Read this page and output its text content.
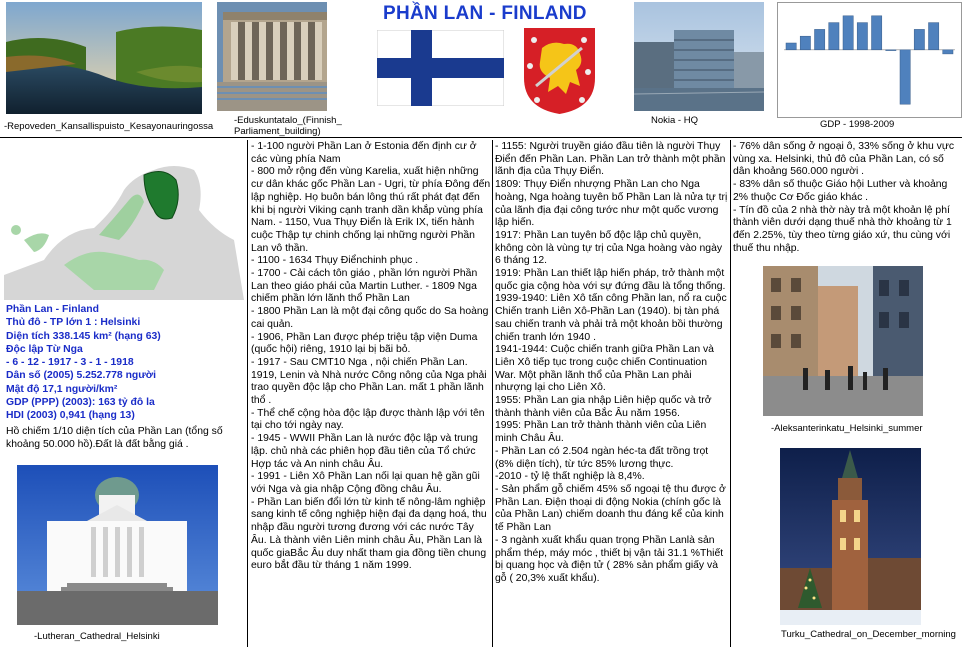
PHẦN LAN - FINLAND
-Repoveden_Kansallispuisto_Kesayonauringossa
-Eduskuntatalo_(Finnish_ Parliament_building)
Nokia - HQ	GDP - 1998-2009
Phần Lan - Finland
Thủ đô - TP lớn 1 : Helsinki
Diện tích 338.145 km² (hạng 63)
Độc lập Từ Nga
- 6 - 12 - 1917 - 3 - 1 - 1918
Dân số (2005) 5.252.778 người
Mật độ 17,1 người/km²
GDP (PPP) (2003): 163 tỷ đô la
HDI (2003) 0,941 (hạng 13)
Hồ chiếm 1/10 diện tích của Phần Lan (tổng số khoảng 50.000 hồ).Đất là đất bằng giá .
-Lutheran_Cathedral_Helsinki

- 1-100 người Phần Lan ở Estonia đến định cư ở các vùng phía Nam

- 800 mở rộng đến vùng Karelia, xuất hiện những cư dân khác gốc Phần Lan - Ugri, từ phía Đông đến lập nghiệp. Họ buôn bán lông thú rất phát đạt đến khi bị người Viking cạnh tranh dần khắp vùng phía Nam. - 1150, Vua Thụy Điển là Erik IX, tiến hành cuộc Thập tự chinh chống lại những người Phần Lan vô thần.

- 1100 - 1634 Thụy Điểnchinh phục .

- 1700 - Cải cách tôn giáo , phần lớn người Phần Lan theo giáo phái của Martin Luther. - 1809 Nga chiếm phần lớn lãnh thổ Phần Lan

- 1800 Phần Lan là một đại công quốc do Sa hoàng cai quản.

- 1906, Phần Lan được phép triệu tập viện Duma (quốc hội) riêng, 1910 lại bị bãi bỏ.

- 1917 - Sau CMT10 Nga , nội chiến Phần Lan. 1919, Lenin và Nhà nước Công nông của Nga phải trao quyền độc lập cho Phần Lan. mất 1 phần lãnh thổ .

- Thể chế cộng hòa độc lập được thành lập với tên tại cho tới ngày nay.

- 1945 - WWII Phần Lan là nước độc lập và trung lập. chủ nhà các phiên họp đầu tiên của Tổ chức Hợp tác và An ninh châu Âu.

- 1991 - Liên Xô Phần Lan nối lại quan hệ gần gũi với Nga và gia nhập Cộng đồng châu Âu.

- Phần Lan biến đổi lớn từ kinh tế nông-lâm nghiệp sang kinh tế công nghiệp hiện đại đa dạng hoá, thu nhập đầu người tương đương với các nước Tây Âu. Là thành viên Liên minh châu Âu, Phần Lan là quốc giaBắc Âu duy nhất tham gia đồng tiền chung euro bắt đầu từ tháng 1 năm 1999.

- 1155: Người truyền giáo đầu tiên là người Thụy Điển đến Phần Lan. Phần Lan trở thành một phần lãnh địa của Thụy Điển.

1809: Thụy Điển nhượng Phần Lan cho Nga hoàng, Nga hoàng tuyên bố Phần Lan là nửa tự trị của lãnh địa đại công tước như một quốc vương lập hiến.

1917: Phần Lan tuyên bố độc lập chủ quyền, không còn là vùng tự trị của Nga hoàng vào ngày 6 tháng 12.

1919: Phần Lan thiết lập hiến pháp, trở thành một quốc gia cộng hòa với sự đứng đầu là tổng thống.

1939-1940: Liên Xô tấn công Phần lan, nổ ra cuộc Chiến tranh Liên Xô-Phần Lan (1940). bị tàn phá sau chiến tranh và phải trả một khoản bồi thường chiến tranh lớn 1940 .

1941-1944: Cuộc chiến tranh giữa Phần Lan và Liên Xô tiếp tục trong cuộc chiến Continuation War. Một phần lãnh thổ của Phần Lan phải nhượng lại cho Liên Xô.

1955: Phần Lan gia nhập Liên hiệp quốc và trở thành thành viên của Bắc Âu năm 1956.

1995: Phần Lan trở thành thành viên của Liên minh Châu Âu.

- Phần Lan có 2.504 ngàn héc-ta đất trồng trọt (8% diện tích), từ tức 85% lương thực.

-2010 - tỷ lệ thất nghiệp là 8,4%.

- Sản phẩm gỗ chiếm 45% số ngoại tệ thu được ở Phần Lan. Điện thoại di động Nokia (chính gốc là của Phần Lan) chiếm doanh thu đáng kể của kinh tế Phần Lan

- 3 ngành xuất khẩu quan trọng Phần Lanlà sản phẩm thép, máy móc , thiết bị vận tải 31.1 %Thiết bị quang học và điện tử ( 28% sản phẩm giấy và gỗ ( 20,3% xuất khẩu).

- 76% dân sống ở ngoại ô, 33% sống ở khu vực vùng xa. Helsinki, thủ đô của Phần Lan, có số dân khoảng 560.000 người .

- 83% dân số thuộc Giáo hội Luther và khoảng 2% thuộc Cơ Đốc giáo khác .

- Tín đồ của 2 nhà thờ này trả một khoản lệ phí thành viên dưới dạng thuế nhà thờ khoảng từ 1 đến 2.25%, tùy theo từng giáo xứ, thu cùng với thuế thu nhập.

-Aleksanterinkatu_Helsinki_summer
Turku_Cathedral_on_December_morning
